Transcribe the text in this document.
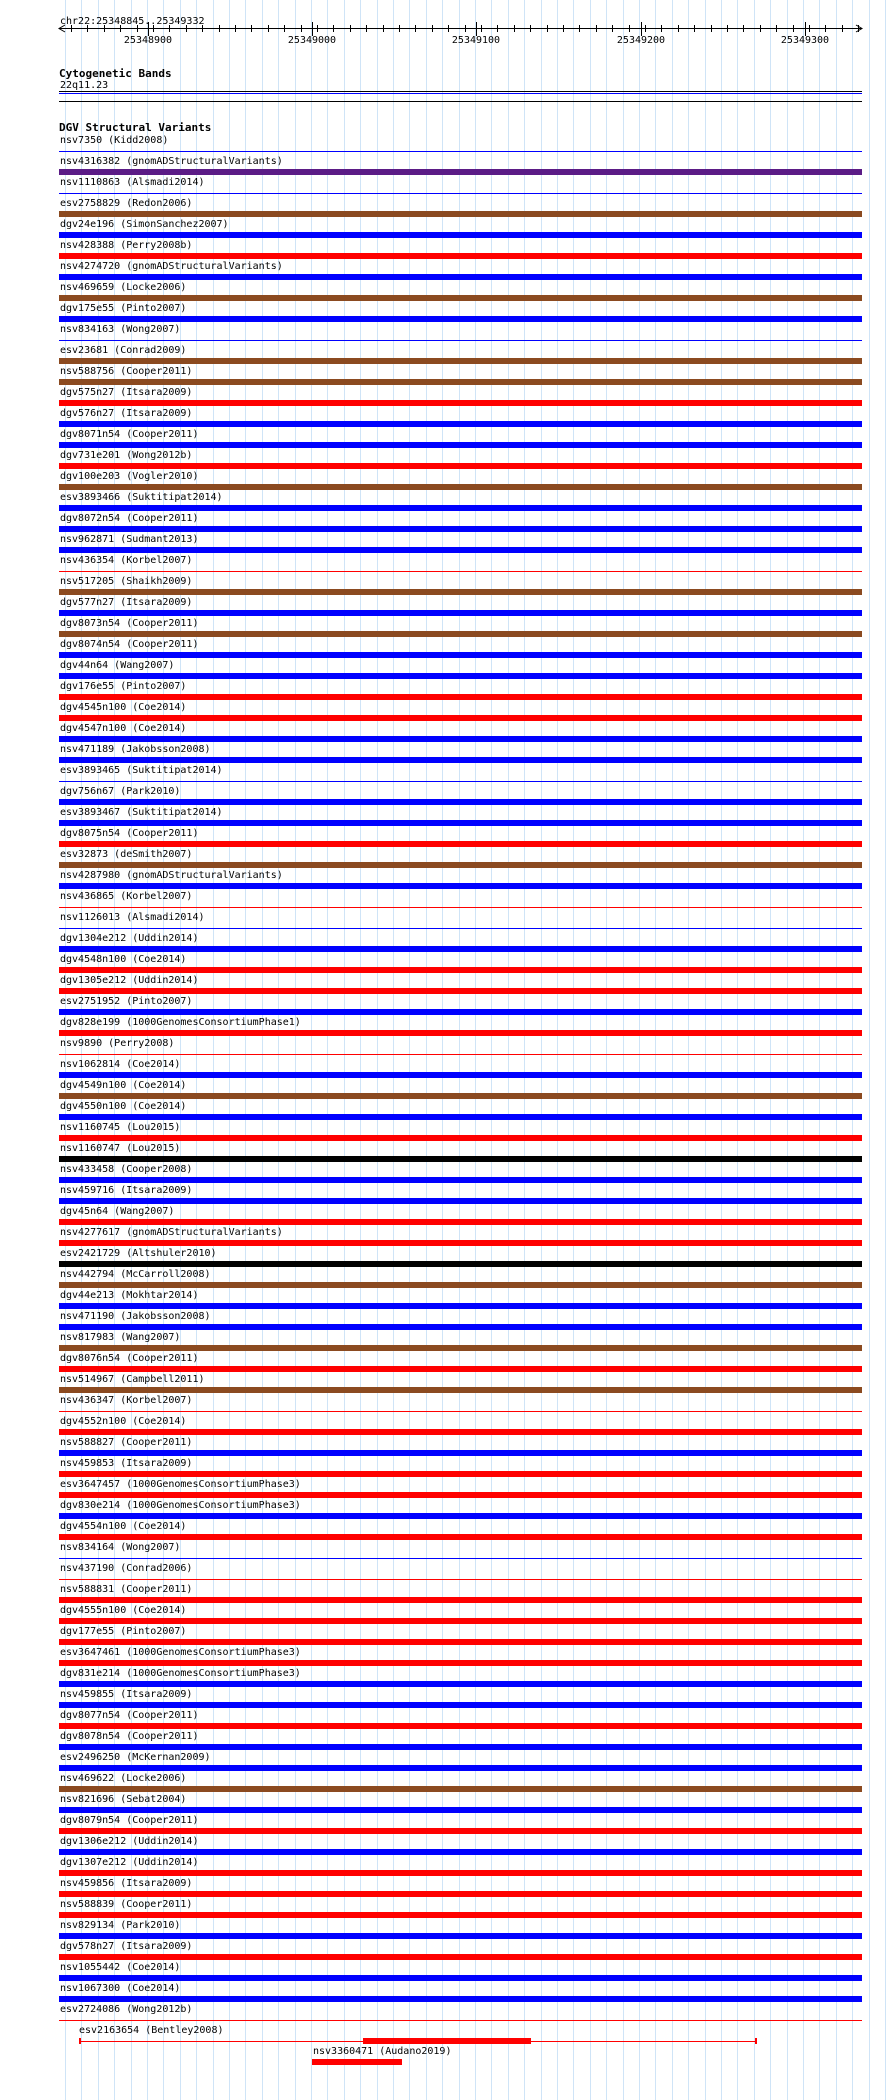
chr22:25348845..25349332
25348900	25349000	25349100	25349200	25349300
Cytogenetic Bands
22q11.23
DGV Structural Variants
nsv7350 (Kidd2008)
nsv4316382 (gnomADStructuralVariants)
nsv1110863 (Alsmadi2014)
esv2758829 (Redon2006)
dgv24e196 (SimonSanchez2007)
nsv428388 (Perry2008b)
nsv4274720 (gnomADStructuralVariants)
nsv469659 (Locke2006)
dgv175e55 (Pinto2007)
nsv834163 (Wong2007)
esv23681 (Conrad2009)
nsv588756 (Cooper2011)
dgv575n27 (Itsara2009)
dgv576n27 (Itsara2009)
dgv8071n54 (Cooper2011)
dgv731e201 (Wong2012b)
dgv100e203 (Vogler2010)
esv3893466 (Suktitipat2014)
dgv8072n54 (Cooper2011)
nsv962871 (Sudmant2013)
nsv436354 (Korbel2007)
nsv517205 (Shaikh2009)
dgv577n27 (Itsara2009)
dgv8073n54 (Cooper2011)
dgv8074n54 (Cooper2011)
dgv44n64 (Wang2007)
dgv176e55 (Pinto2007)
dgv4545n100 (Coe2014)
dgv4547n100 (Coe2014)
nsv471189 (Jakobsson2008)
esv3893465 (Suktitipat2014)
dgv756n67 (Park2010)
esv3893467 (Suktitipat2014)
dgv8075n54 (Cooper2011)
esv32873 (deSmith2007)
nsv4287980 (gnomADStructuralVariants)
nsv436865 (Korbel2007)
nsv1126013 (Alsmadi2014)
dgv1304e212 (Uddin2014)
dgv4548n100 (Coe2014)
dgv1305e212 (Uddin2014)
esv2751952 (Pinto2007)
dgv828e199 (1000GenomesConsortiumPhase1)
nsv9890 (Perry2008)
nsv1062814 (Coe2014)
dgv4549n100 (Coe2014)
dgv4550n100 (Coe2014)
nsv1160745 (Lou2015)
nsv1160747 (Lou2015)
nsv433458 (Cooper2008)
nsv459716 (Itsara2009)
dgv45n64 (Wang2007)
nsv4277617 (gnomADStructuralVariants)
esv2421729 (Altshuler2010)
nsv442794 (McCarroll2008)
dgv44e213 (Mokhtar2014)
nsv471190 (Jakobsson2008)
nsv817983 (Wang2007)
dgv8076n54 (Cooper2011)
nsv514967 (Campbell2011)
nsv436347 (Korbel2007)
dgv4552n100 (Coe2014)
nsv588827 (Cooper2011)
nsv459853 (Itsara2009)
esv3647457 (1000GenomesConsortiumPhase3)
dgv830e214 (1000GenomesConsortiumPhase3)
dgv4554n100 (Coe2014)
nsv834164 (Wong2007)
nsv437190 (Conrad2006)
nsv588831 (Cooper2011)
dgv4555n100 (Coe2014)
dgv177e55 (Pinto2007)
esv3647461 (1000GenomesConsortiumPhase3)
dgv831e214 (1000GenomesConsortiumPhase3)
nsv459855 (Itsara2009)
dgv8077n54 (Cooper2011)
dgv8078n54 (Cooper2011)
esv2496250 (McKernan2009)
nsv469622 (Locke2006)
nsv821696 (Sebat2004)
dgv8079n54 (Cooper2011)
dgv1306e212 (Uddin2014)
dgv1307e212 (Uddin2014)
nsv459856 (Itsara2009)
nsv588839 (Cooper2011)
nsv829134 (Park2010)
dgv578n27 (Itsara2009)
nsv1055442 (Coe2014)
nsv1067300 (Coe2014)
esv2724086 (Wong2012b)
esv2163654 (Bentley2008)
nsv3360471 (Audano2019)
